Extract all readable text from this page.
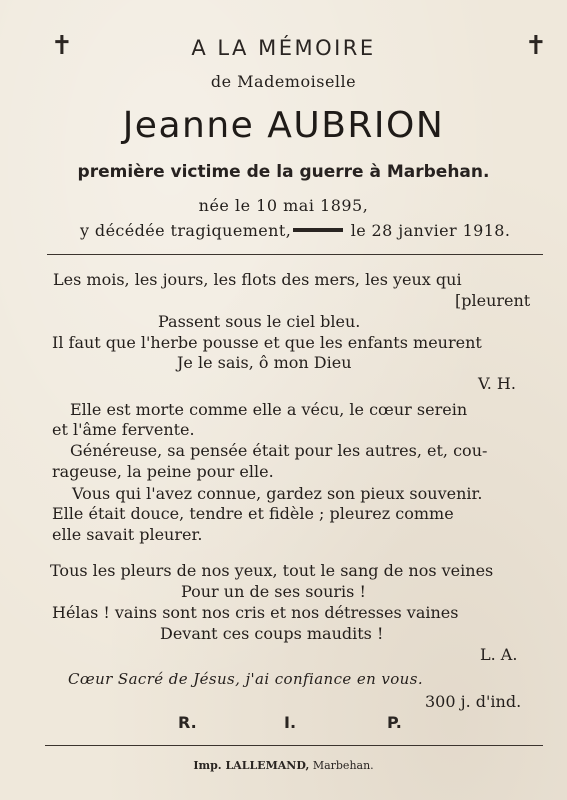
✝	✝
A LA MÉMOIRE
de Mademoiselle
Jeanne AUBRION
première victime de la guerre à Marbehan.
née le 10 mai 1895,
y décédée tragiquement,	le 28 janvier 1918.
Les mois, les jours, les flots des mers, les yeux qui
[pleurent
Passent sous le ciel bleu.
Il faut que l'herbe pousse et que les enfants meurent
Je le sais, ô mon Dieu
V. H.
Elle est morte comme elle a vécu, le cœur serein
et l'âme fervente.
Généreuse, sa pensée était pour les autres, et, cou-
rageuse, la peine pour elle.
Vous qui l'avez connue, gardez son pieux souvenir.
Elle était douce, tendre et fidèle ; pleurez comme
elle savait pleurer.
Tous les pleurs de nos yeux, tout le sang de nos veines
Pour un de ses souris !
Hélas ! vains sont nos cris et nos détresses vaines
Devant ces coups maudits !
L. A.
Cœur Sacré de Jésus, j'ai confiance en vous.
300 j. d'ind.
R.	I.	P.
Imp. LALLEMAND, Marbehan.
